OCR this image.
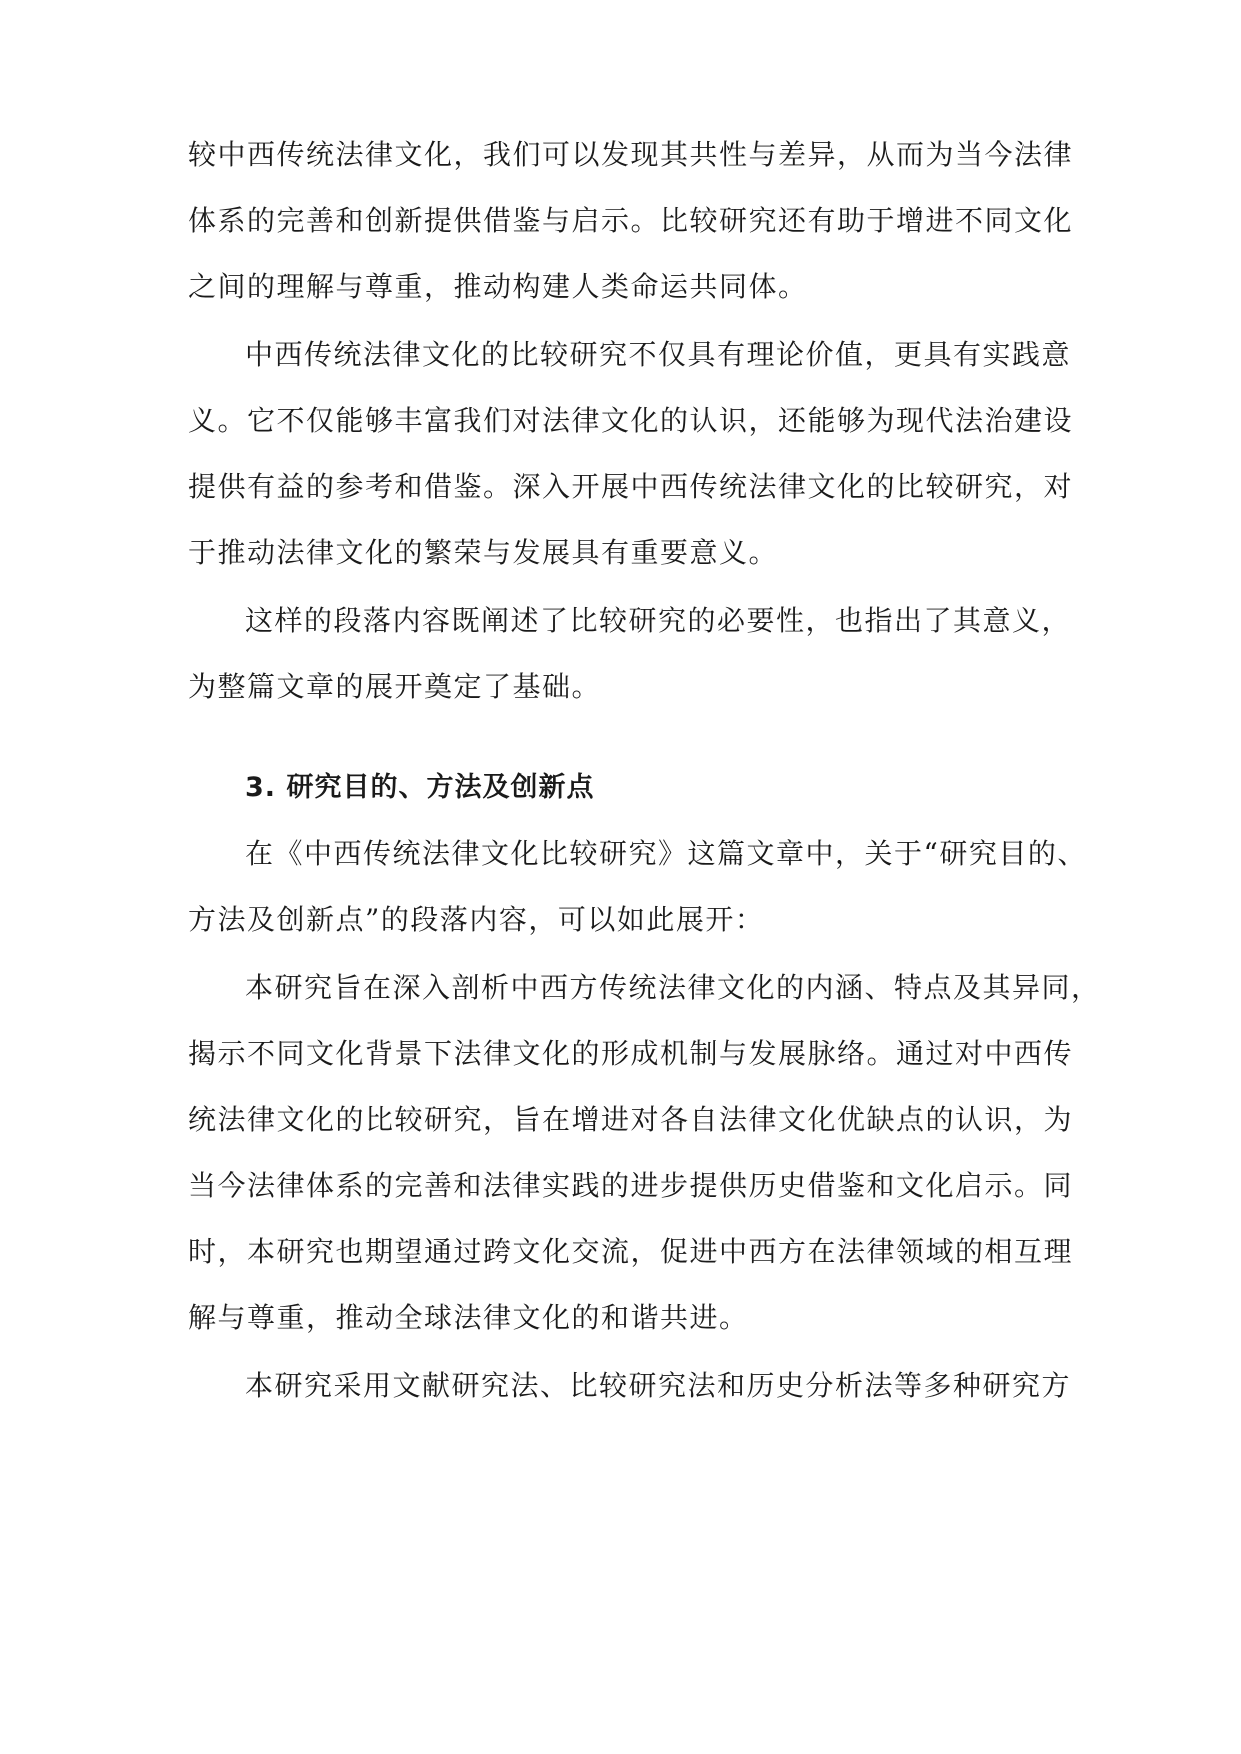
较中西传统法律文化，我们可以发现其共性与差异，从而为当今法律
体系的完善和创新提供借鉴与启示。比较研究还有助于增进不同文化
之间的理解与尊重，推动构建人类命运共同体。
中西传统法律文化的比较研究不仅具有理论价值，更具有实践意
义。它不仅能够丰富我们对法律文化的认识，还能够为现代法治建设
提供有益的参考和借鉴。深入开展中西传统法律文化的比较研究，对
于推动法律文化的繁荣与发展具有重要意义。
这样的段落内容既阐述了比较研究的必要性，也指出了其意义，
为整篇文章的展开奠定了基础。
3. 研究目的、方法及创新点
在《中西传统法律文化比较研究》这篇文章中，关于“研究目的、
方法及创新点”的段落内容，可以如此展开：
本研究旨在深入剖析中西方传统法律文化的内涵、特点及其异同，
揭示不同文化背景下法律文化的形成机制与发展脉络。通过对中西传
统法律文化的比较研究，旨在增进对各自法律文化优缺点的认识，为
当今法律体系的完善和法律实践的进步提供历史借鉴和文化启示。同
时，本研究也期望通过跨文化交流，促进中西方在法律领域的相互理
解与尊重，推动全球法律文化的和谐共进。
本研究采用文献研究法、比较研究法和历史分析法等多种研究方
